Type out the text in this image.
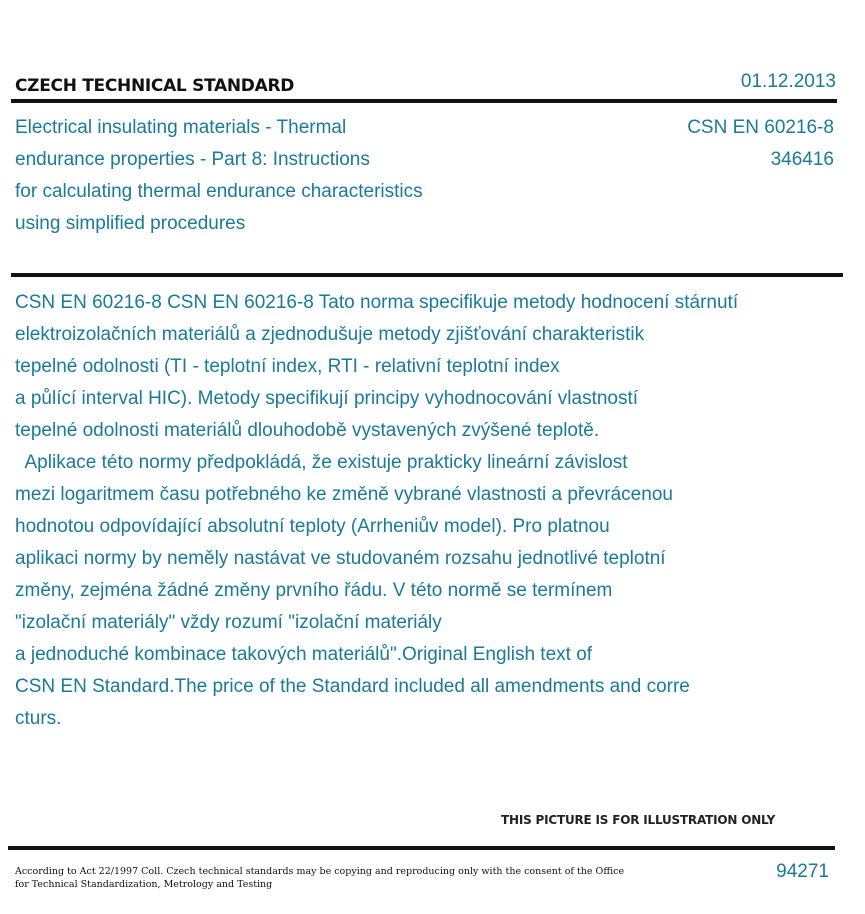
CZECH TECHNICAL STANDARD	01.12.2013
Electrical insulating materials - Thermal
endurance properties - Part 8: Instructions
for calculating thermal endurance characteristics
using simplified procedures
CSN EN 60216-8
346416
CSN EN 60216-8 CSN EN 60216-8 Tato norma specifikuje metody hodnocení stárnutí
elektroizolačních materiálů a zjednodušuje metody zjišťování charakteristik
tepelné odolnosti (TI - teplotní index, RTI - relativní teplotní index
a půlící interval HIC). Metody specifikují principy vyhodnocování vlastností
tepelné odolnosti materiálů dlouhodobě vystavených zvýšené teplotě.
Aplikace této normy předpokládá, že existuje prakticky lineární závislost
mezi logaritmem času potřebného ke změně vybrané vlastnosti a převrácenou
hodnotou odpovídající absolutní teploty (Arrheniův model). Pro platnou
aplikaci normy by neměly nastávat ve studovaném rozsahu jednotlivé teplotní
změny, zejména žádné změny prvního řádu. V této normě se termínem
"izolační materiály" vždy rozumí "izolační materiály
a jednoduché kombinace takových materiálů".Original English text of
CSN EN Standard.The price of the Standard included all amendments and corre
cturs.
THIS PICTURE IS FOR ILLUSTRATION ONLY
According to Act 22/1997 Coll. Czech technical standards may be copying and reproducing only with the consent of the Office
for Technical Standardization, Metrology and Testing
94271
